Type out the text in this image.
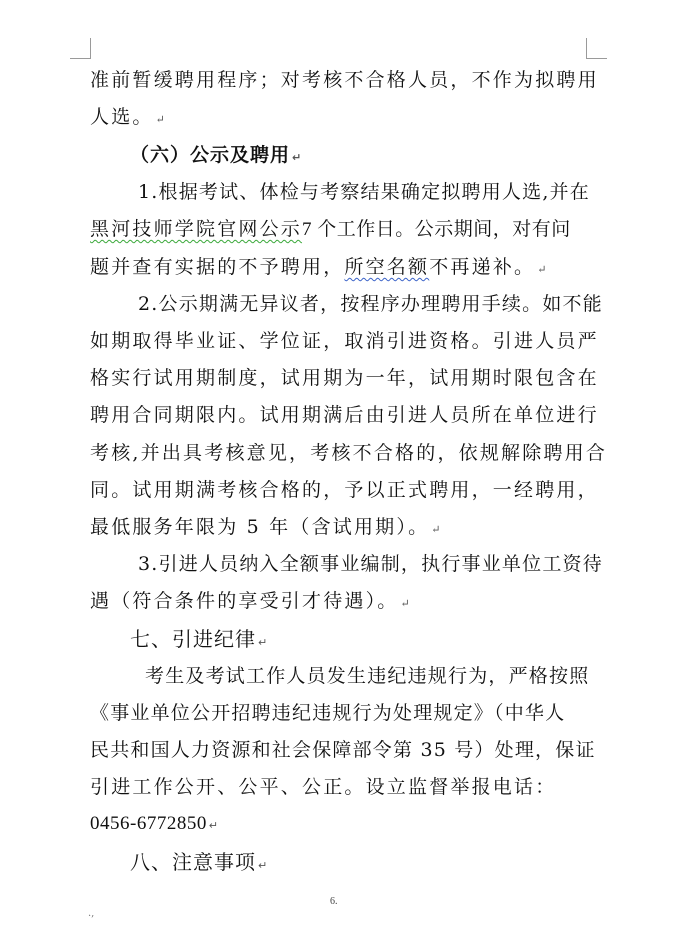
准前暂缓聘用程序；对考核不合格人员，不作为拟聘用
人选。 ↵
（六）公示及聘用 ↵
1.根据考试、体检与考察结果确定拟聘用人选,并在
黑河技师学院官网公示7 个工作日。公示期间，对有问
题并查有实据的不予聘用，所空名额不再递补。 ↵
2.公示期满无异议者，按程序办理聘用手续。如不能
如期取得毕业证、学位证，取消引进资格。引进人员严
格实行试用期制度，试用期为一年，试用期时限包含在
聘用合同期限内。试用期满后由引进人员所在单位进行
考核,并出具考核意见，考核不合格的，依规解除聘用合
同。试用期满考核合格的，予以正式聘用，一经聘用，
最低服务年限为 5 年（含试用期）。 ↵
3.引进人员纳入全额事业编制，执行事业单位工资待
遇（符合条件的享受引才待遇）。 ↵
七、引进纪律 ↵
考生及考试工作人员发生违纪违规行为，严格按照
《事业单位公开招聘违纪违规行为处理规定》（中华人
民共和国人力资源和社会保障部令第 35 号）处理，保证
引进工作公开、公平、公正。设立监督举报电话：
0456-6772850 ↵
八、注意事项 ↵
6.
.,
